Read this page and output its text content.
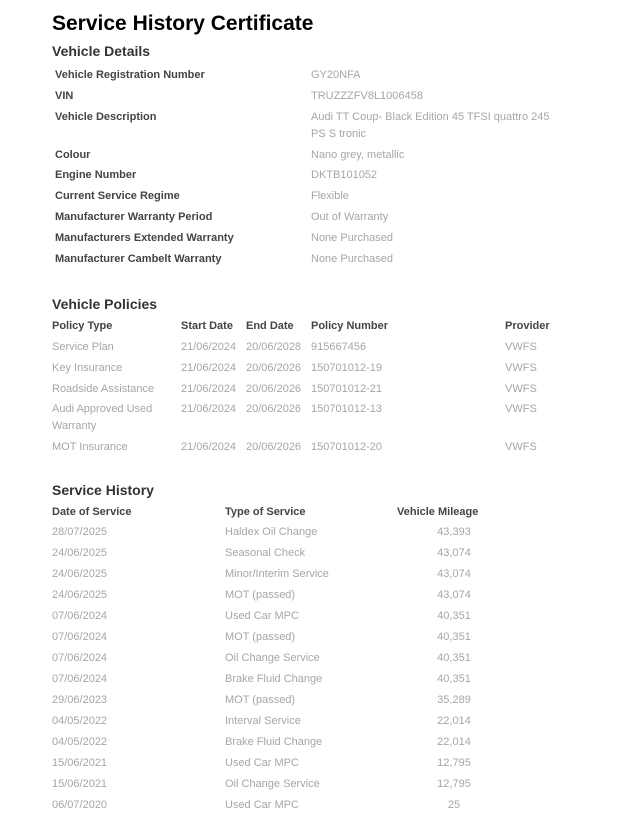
Service History Certificate
Vehicle Details
Vehicle Registration Number	GY20NFA
VIN	TRUZZZFV8L1006458
Vehicle Description	Audi TT Coup- Black Edition 45 TFSI quattro 245 PS S tronic
Colour	Nano grey, metallic
Engine Number	DKTB101052
Current Service Regime	Flexible
Manufacturer Warranty Period	Out of Warranty
Manufacturers Extended Warranty	None Purchased
Manufacturer Cambelt Warranty	None Purchased
Vehicle Policies
Policy Type	Start Date End Date Policy Number	Provider
Service Plan	21/06/2024 20/06/2028 915667456	VWFS
Key Insurance	21/06/2024 20/06/2026 150701012-19	VWFS
Roadside Assistance 21/06/2024 20/06/2026 150701012-21	VWFS
Audi Approved Used Warranty
21/06/2024 20/06/2026 150701012-13	VWFS
MOT Insurance	21/06/2024 20/06/2026 150701012-20	VWFS
Service History
Date of Service	Type of Service	Vehicle Mileage
28/07/2025	Haldex Oil Change	43,393
24/06/2025	Seasonal Check	43,074
24/06/2025	Minor/Interim Service	43,074
24/06/2025	MOT (passed)	43,074
07/06/2024	Used Car MPC	40,351
07/06/2024	MOT (passed)	40,351
07/06/2024	Oil Change Service	40,351
07/06/2024	Brake Fluid Change	40,351
29/06/2023	MOT (passed)	35,289
04/05/2022	Interval Service	22,014
04/05/2022	Brake Fluid Change	22,014
15/06/2021	Used Car MPC	12,795
15/06/2021	Oil Change Service	12,795
06/07/2020	Used Car MPC	25
